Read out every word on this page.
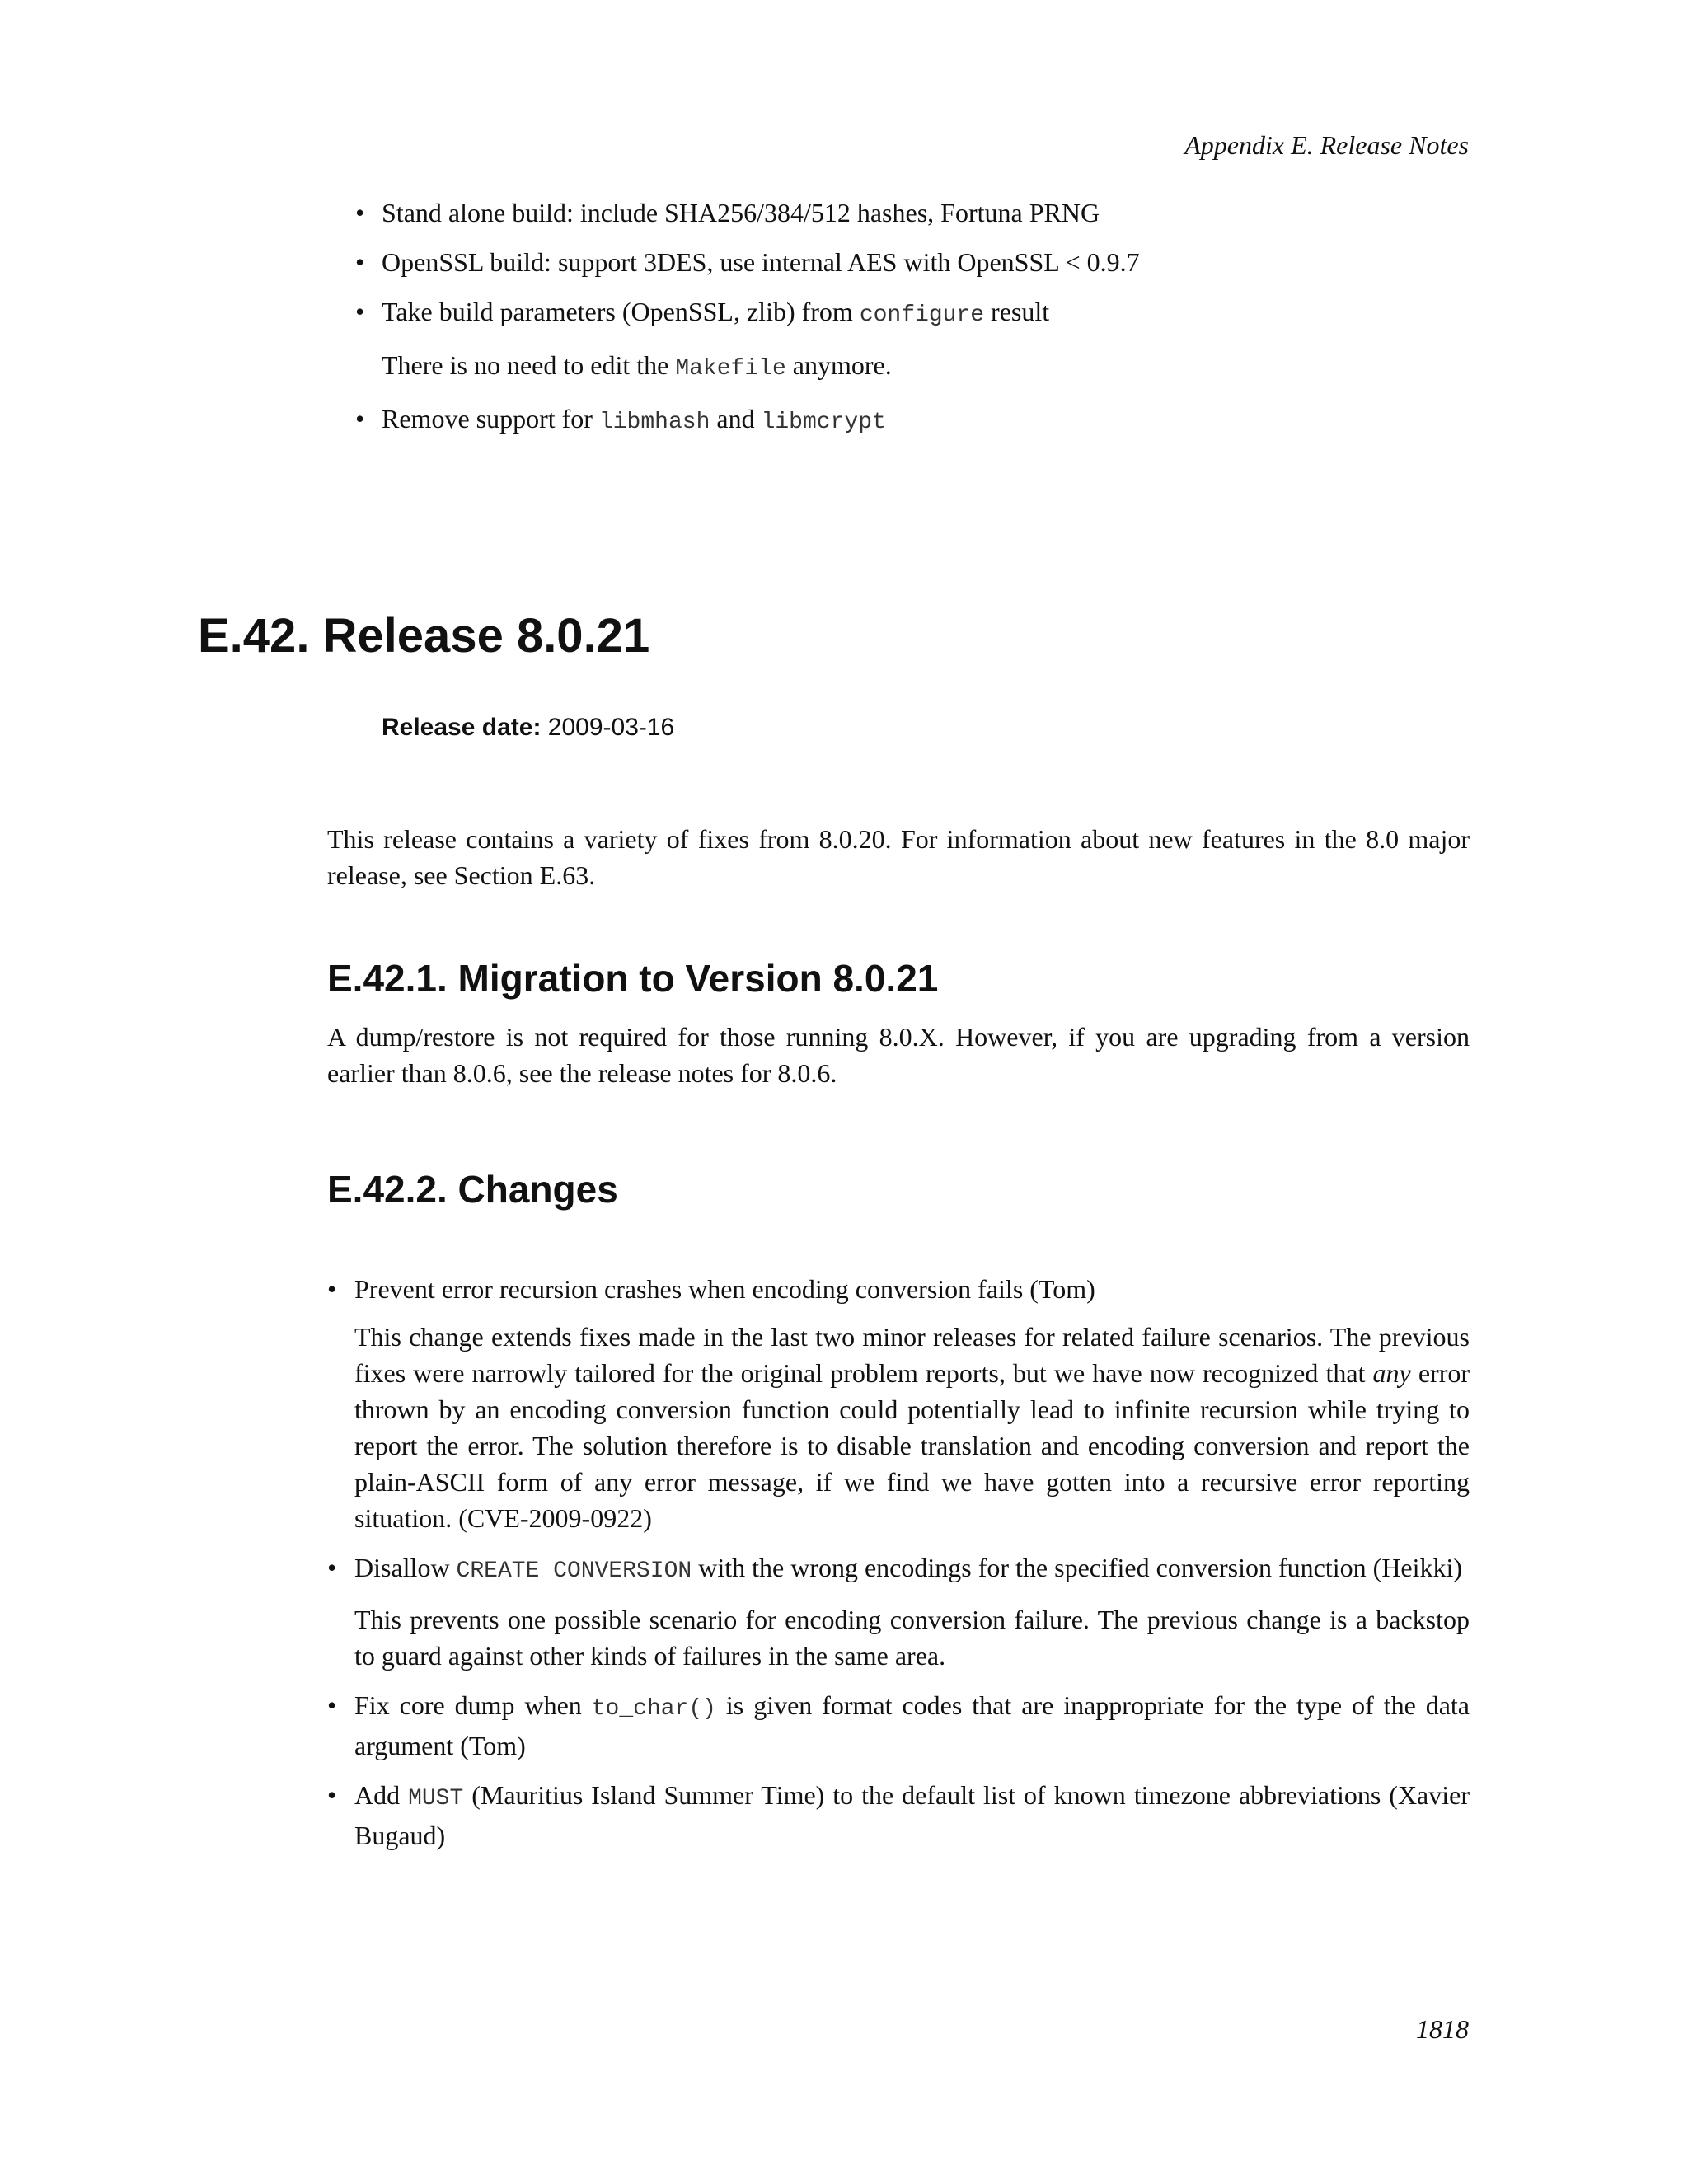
Appendix E. Release Notes
• Stand alone build: include SHA256/384/512 hashes, Fortuna PRNG
• OpenSSL build: support 3DES, use internal AES with OpenSSL < 0.9.7
• Take build parameters (OpenSSL, zlib) from configure result
There is no need to edit the Makefile anymore.
• Remove support for libmhash and libmcrypt
E.42. Release 8.0.21
Release date: 2009-03-16
This release contains a variety of fixes from 8.0.20. For information about new features in the 8.0 major release, see Section E.63.
E.42.1. Migration to Version 8.0.21
A dump/restore is not required for those running 8.0.X. However, if you are upgrading from a version earlier than 8.0.6, see the release notes for 8.0.6.
E.42.2. Changes
• Prevent error recursion crashes when encoding conversion fails (Tom)

This change extends fixes made in the last two minor releases for related failure scenarios. The previous fixes were narrowly tailored for the original problem reports, but we have now recognized that any error thrown by an encoding conversion function could potentially lead to infinite recursion while trying to report the error. The solution therefore is to disable translation and encoding conversion and report the plain-ASCII form of any error message, if we find we have gotten into a recursive error reporting situation. (CVE-2009-0922)

• Disallow CREATE CONVERSION with the wrong encodings for the specified conversion function (Heikki)

This prevents one possible scenario for encoding conversion failure. The previous change is a backstop to guard against other kinds of failures in the same area.

• Fix core dump when to_char() is given format codes that are inappropriate for the type of the data argument (Tom)

• Add MUST (Mauritius Island Summer Time) to the default list of known timezone abbreviations (Xavier Bugaud)

1818
